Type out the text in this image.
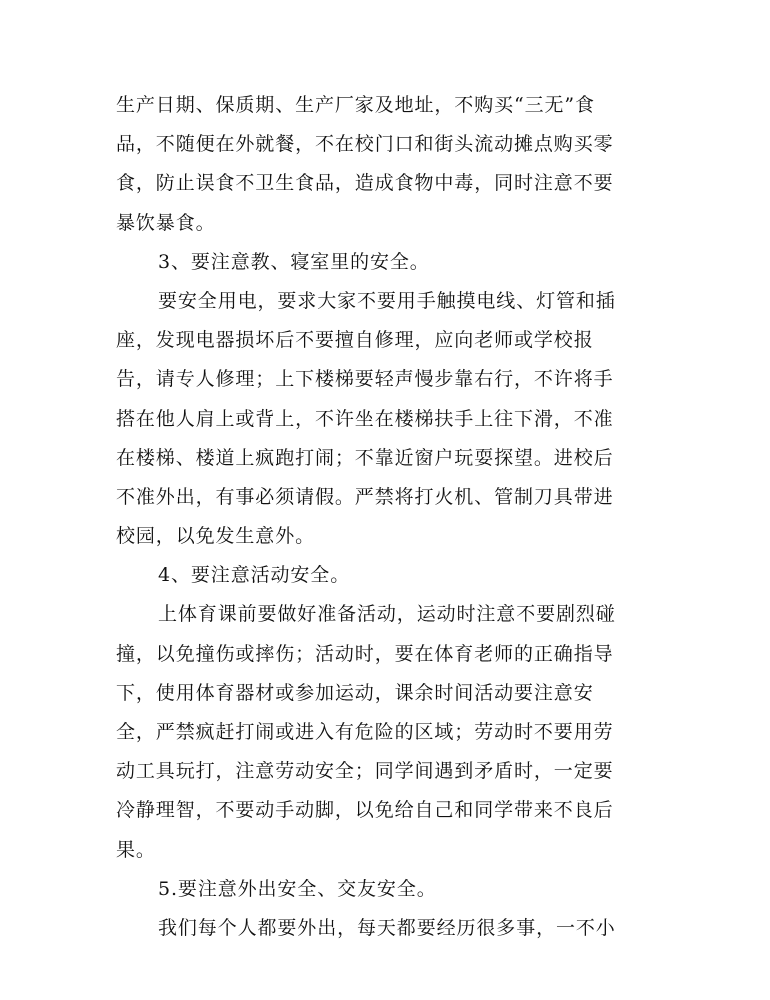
生产日期、保质期、生产厂家及地址，不购买“三无”食
品，不随便在外就餐，不在校门口和街头流动摊点购买零
食，防止误食不卫生食品，造成食物中毒，同时注意不要
暴饮暴食。
3、要注意教、寝室里的安全。
要安全用电，要求大家不要用手触摸电线、灯管和插
座，发现电器损坏后不要擅自修理，应向老师或学校报
告，请专人修理；上下楼梯要轻声慢步靠右行，不许将手
搭在他人肩上或背上，不许坐在楼梯扶手上往下滑，不准
在楼梯、楼道上疯跑打闹；不靠近窗户玩耍探望。进校后
不准外出，有事必须请假。严禁将打火机、管制刀具带进
校园，以免发生意外。
4、要注意活动安全。
上体育课前要做好准备活动，运动时注意不要剧烈碰
撞，以免撞伤或摔伤；活动时，要在体育老师的正确指导
下，使用体育器材或参加运动，课余时间活动要注意安
全，严禁疯赶打闹或进入有危险的区域；劳动时不要用劳
动工具玩打，注意劳动安全；同学间遇到矛盾时，一定要
冷静理智，不要动手动脚，以免给自己和同学带来不良后
果。
5.要注意外出安全、交友安全。
我们每个人都要外出，每天都要经历很多事，一不小
